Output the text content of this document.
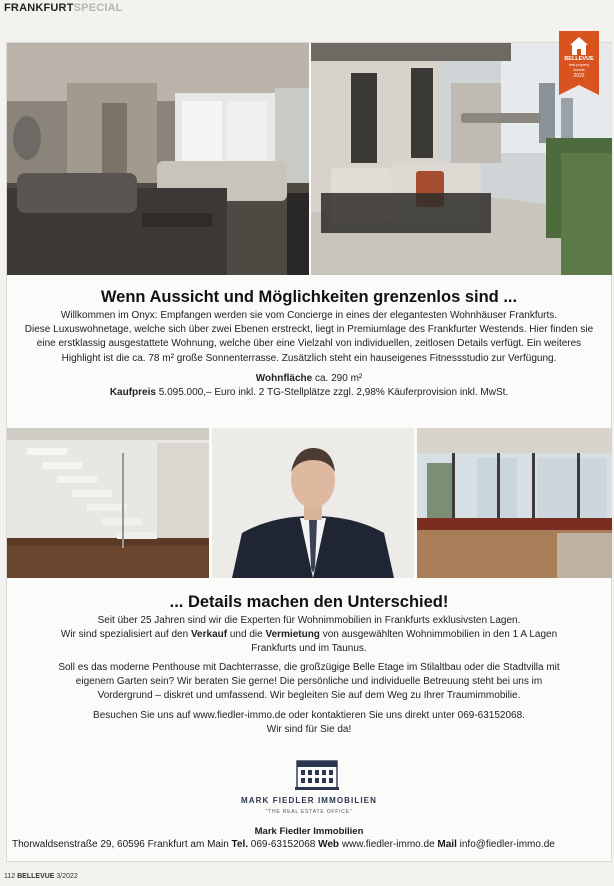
FRANKFURTSPECIAL
BELLEVUE
best property
Awards
2022
Wenn Aussicht und Möglichkeiten grenzenlos sind ...
Willkommen im Onyx: Empfangen werden sie vom Concierge in eines der elegantesten Wohnhäuser Frankfurts.
Diese Luxuswohnetage, welche sich über zwei Ebenen erstreckt, liegt in Premiumlage des Frankfurter Westends. Hier finden sie
eine erstklassig ausgestattete Wohnung, welche über eine Vielzahl von individuellen, zeitlosen Details verfügt. Ein weiteres
Highlight ist die ca. 78 m² große Sonnenterrasse. Zusätzlich steht ein hauseigenes Fitnessstudio zur Verfügung.
Wohnfläche ca. 290 m²
Kaufpreis 5.095.000,– Euro inkl. 2 TG-Stellplätze zzgl. 2,98% Käuferprovision inkl. MwSt.
... Details machen den Unterschied!
Seit über 25 Jahren sind wir die Experten für Wohnimmobilien in Frankfurts exklusivsten Lagen.
Wir sind spezialisiert auf den Verkauf und die Vermietung von ausgewählten Wohnimmobilien in den 1 A Lagen
Frankfurts und im Taunus.
Soll es das moderne Penthouse mit Dachterrasse, die großzügige Belle Etage im Stilaltbau oder die Stadtvilla mit
eigenem Garten sein? Wir beraten Sie gerne! Die persönliche und individuelle Betreuung steht bei uns im
Vordergrund – diskret und umfassend. Wir begleiten Sie auf dem Weg zu Ihrer Traumimmobilie.
Besuchen Sie uns auf www.fiedler-immo.de oder kontaktieren Sie uns direkt unter 069-63152068.
Wir sind für Sie da!
MARK FIEDLER IMMOBILIEN
"THE REAL ESTATE OFFICE"
Mark Fiedler Immobilien
Thorwaldsenstraße 29, 60596 Frankfurt am Main Tel. 069-63152068 Web www.fiedler-immo.de Mail info@fiedler-immo.de
112 BELLEVUE 3/2022
